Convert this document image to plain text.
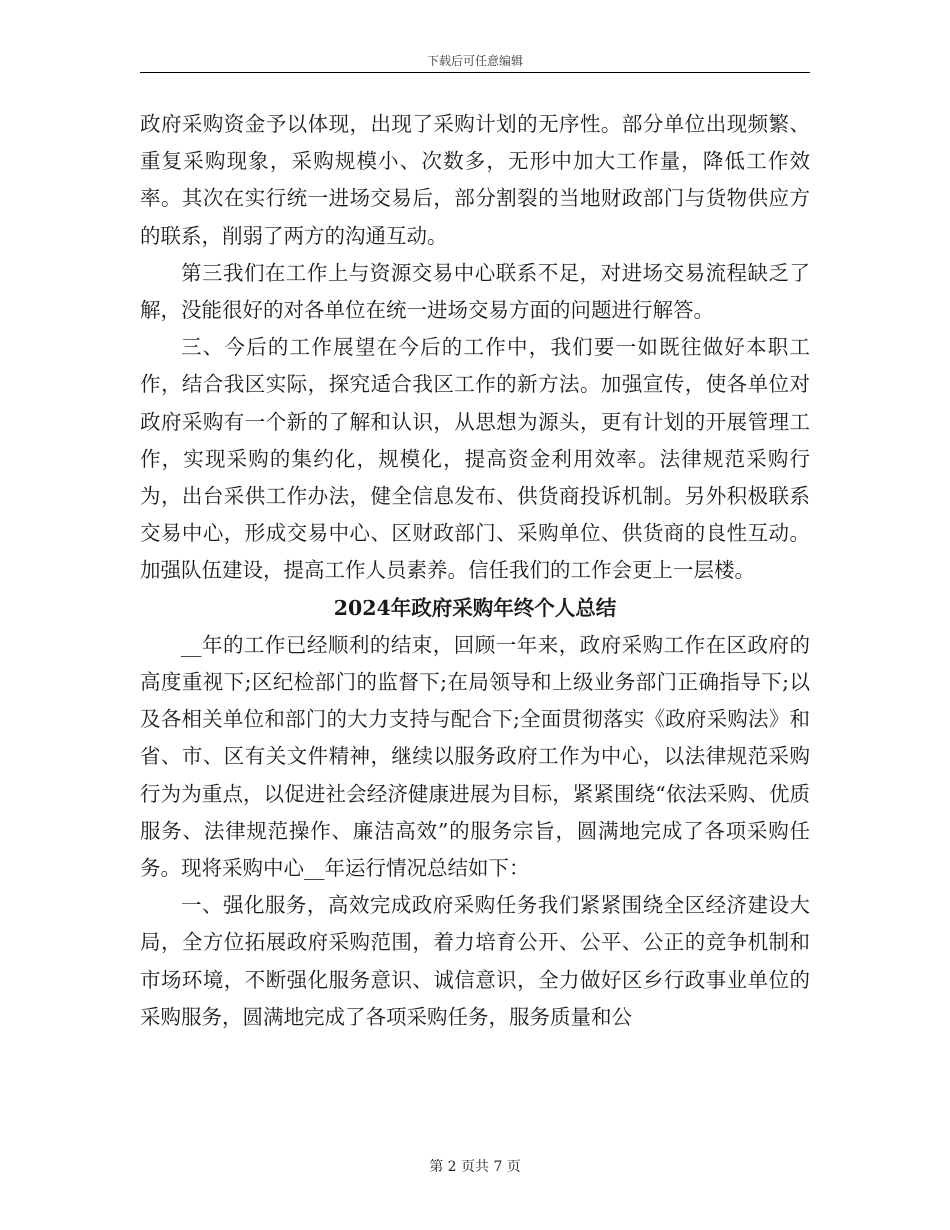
下载后可任意编辑

政府采购资金予以体现，出现了采购计划的无序性。部分单位出现频繁、重复采购现象，采购规模小、次数多，无形中加大工作量，降低工作效率。其次在实行统一进场交易后，部分割裂的当地财政部门与货物供应方的联系，削弱了两方的沟通互动。

第三我们在工作上与资源交易中心联系不足，对进场交易流程缺乏了解，没能很好的对各单位在统一进场交易方面的问题进行解答。

三、今后的工作展望在今后的工作中，我们要一如既往做好本职工作，结合我区实际，探究适合我区工作的新方法。加强宣传，使各单位对政府采购有一个新的了解和认识，从思想为源头，更有计划的开展管理工作，实现采购的集约化，规模化，提高资金利用效率。法律规范采购行为，出台采供工作办法，健全信息发布、供货商投诉机制。另外积极联系交易中心，形成交易中心、区财政部门、采购单位、供货商的良性互动。加强队伍建设，提高工作人员素养。信任我们的工作会更上一层楼。

2024年政府采购年终个人总结

__年的工作已经顺利的结束，回顾一年来，政府采购工作在区政府的高度重视下;区纪检部门的监督下;在局领导和上级业务部门正确指导下;以及各相关单位和部门的大力支持与配合下;全面贯彻落实《政府采购法》和省、市、区有关文件精神，继续以服务政府工作为中心，以法律规范采购行为为重点，以促进社会经济健康进展为目标，紧紧围绕“依法采购、优质服务、法律规范操作、廉洁高效”的服务宗旨，圆满地完成了各项采购任务。现将采购中心__年运行情况总结如下：

一、强化服务，高效完成政府采购任务我们紧紧围绕全区经济建设大局，全方位拓展政府采购范围，着力培育公开、公平、公正的竞争机制和市场环境，不断强化服务意识、诚信意识，全力做好区乡行政事业单位的采购服务，圆满地完成了各项采购任务，服务质量和公

第 2 页共 7 页
